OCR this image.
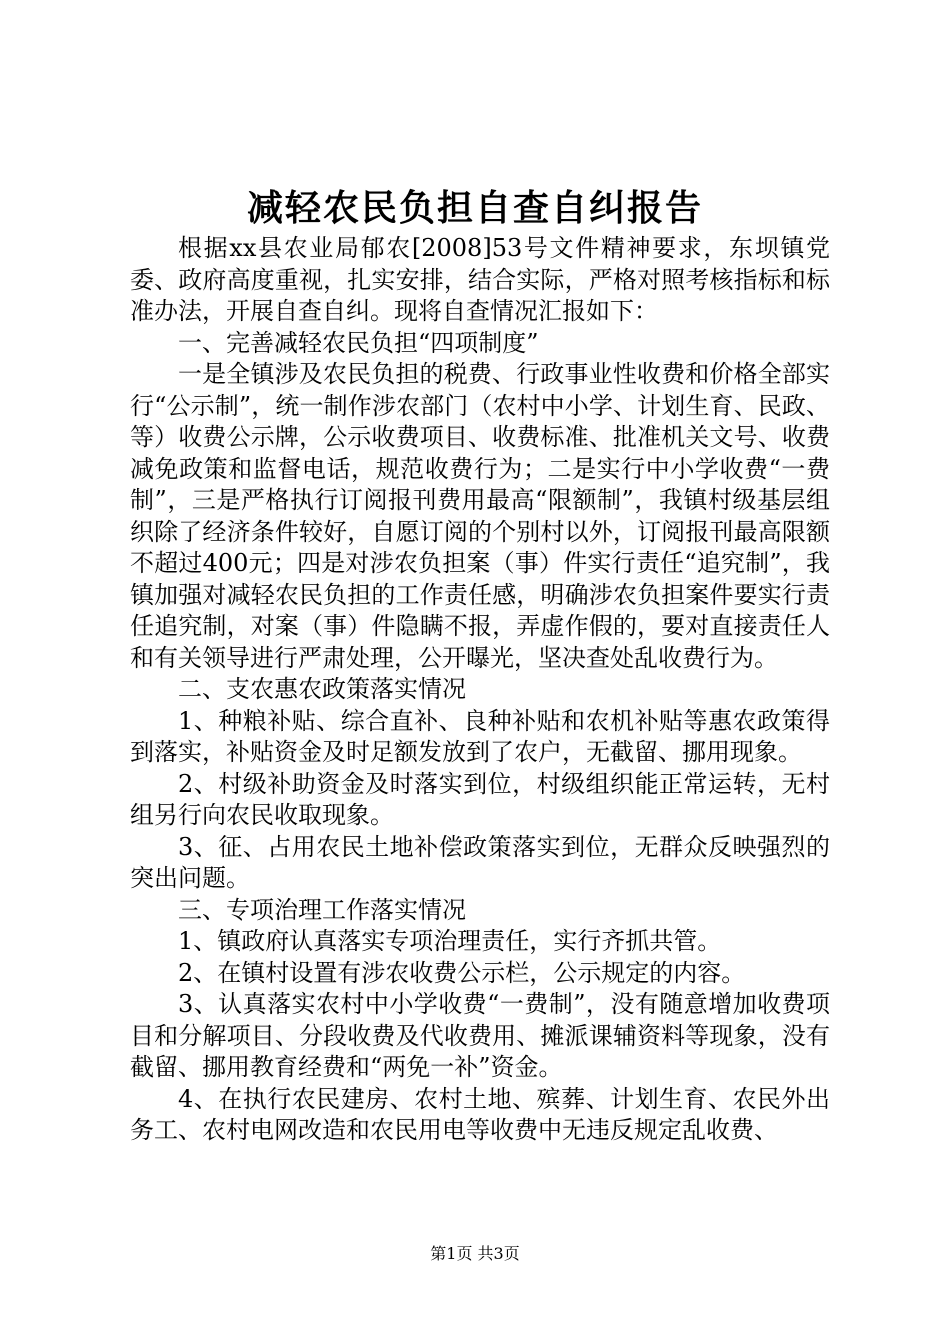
减轻农民负担自查自纠报告

根据xx县农业局郁农[2008]53号文件精神要求，东坝镇党委、政府高度重视，扎实安排，结合实际，严格对照考核指标和标准办法，开展自查自纠。现将自查情况汇报如下：

一、完善减轻农民负担“四项制度”

一是全镇涉及农民负担的税费、行政事业性收费和价格全部实行“公示制”，统一制作涉农部门（农村中小学、计划生育、民政、等）收费公示牌，公示收费项目、收费标准、批准机关文号、收费减免政策和监督电话，规范收费行为；二是实行中小学收费“一费制”，三是严格执行订阅报刊费用最高“限额制”，我镇村级基层组织除了经济条件较好，自愿订阅的个别村以外，订阅报刊最高限额不超过400元；四是对涉农负担案（事）件实行责任“追究制”，我镇加强对减轻农民负担的工作责任感，明确涉农负担案件要实行责任追究制，对案（事）件隐瞒不报，弄虚作假的，要对直接责任人和有关领导进行严肃处理，公开曝光，坚决查处乱收费行为。

二、支农惠农政策落实情况

1、种粮补贴、综合直补、良种补贴和农机补贴等惠农政策得到落实，补贴资金及时足额发放到了农户，无截留、挪用现象。

2、村级补助资金及时落实到位，村级组织能正常运转，无村组另行向农民收取现象。

3、征、占用农民土地补偿政策落实到位，无群众反映强烈的突出问题。

三、专项治理工作落实情况

1、镇政府认真落实专项治理责任，实行齐抓共管。

2、在镇村设置有涉农收费公示栏，公示规定的内容。

3、认真落实农村中小学收费“一费制”，没有随意增加收费项目和分解项目、分段收费及代收费用、摊派课辅资料等现象，没有截留、挪用教育经费和“两免一补”资金。

4、在执行农民建房、农村土地、殡葬、计划生育、农民外出务工、农村电网改造和农民用电等收费中无违反规定乱收费、

第1页 共3页
